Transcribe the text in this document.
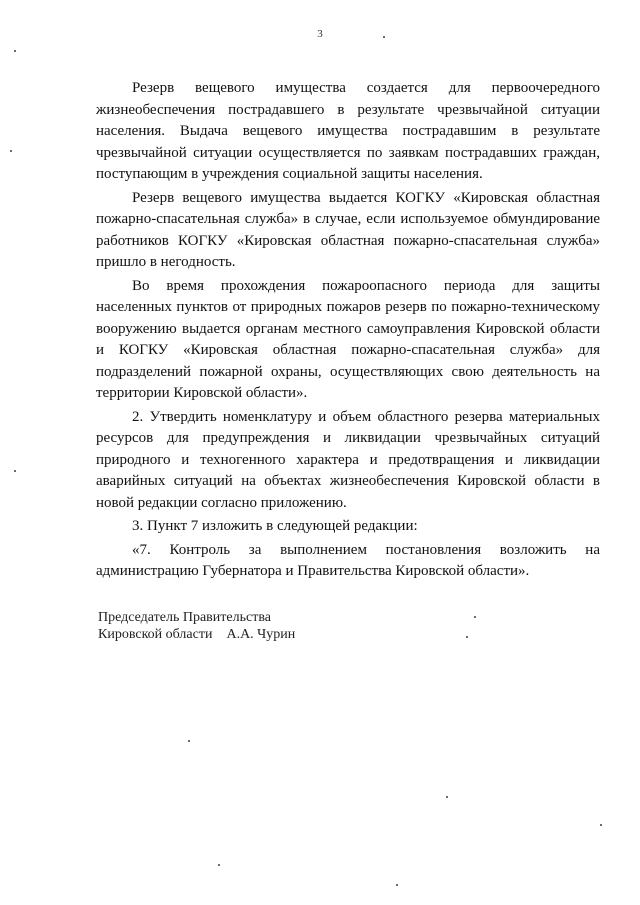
3

Резерв вещевого имущества создается для первоочередного жизнеобеспечения пострадавшего в результате чрезвычайной ситуации населения. Выдача вещевого имущества пострадавшим в результате чрезвычайной ситуации осуществляется по заявкам пострадавших граждан, поступающим в учреждения социальной защиты населения.

Резерв вещевого имущества выдается КОГКУ «Кировская областная пожарно-спасательная служба» в случае, если используемое обмундирование работников КОГКУ «Кировская областная пожарно-спасательная служба» пришло в негодность.

Во время прохождения пожароопасного периода для защиты населенных пунктов от природных пожаров резерв по пожарно-техническому вооружению выдается органам местного самоуправления Кировской области и КОГКУ «Кировская областная пожарно-спасательная служба» для подразделений пожарной охраны, осуществляющих свою деятельность на территории Кировской области».

2. Утвердить номенклатуру и объем областного резерва материальных ресурсов для предупреждения и ликвидации чрезвычайных ситуаций природного и техногенного характера и предотвращения и ликвидации аварийных ситуаций на объектах жизнеобеспечения Кировской области в новой редакции согласно приложению.

3. Пункт 7 изложить в следующей редакции:

«7. Контроль за выполнением постановления возложить на администрацию Губернатора и Правительства Кировской области».

Председатель Правительства
Кировской области    А.А. Чурин
